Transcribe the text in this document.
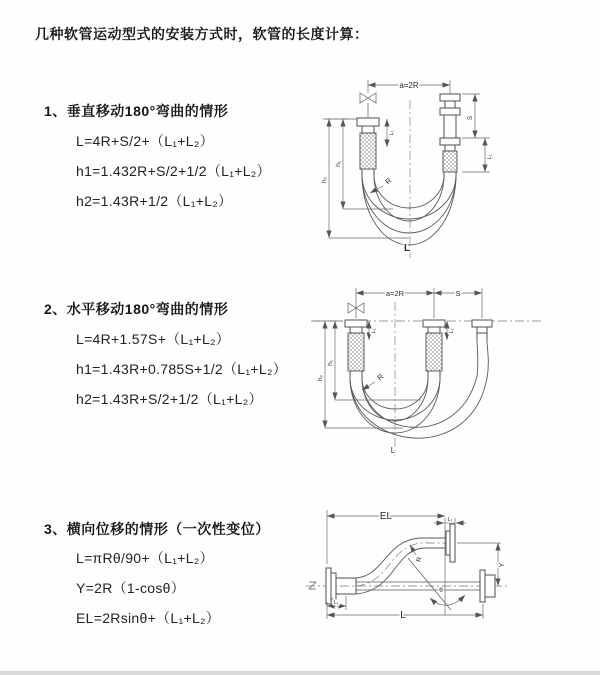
几种软管运动型式的安装方式时，软管的长度计算：
1、垂直移动180°弯曲的情形
L=4R+S/2+（L₁+L₂）
h1=1.432R+S/2+1/2（L₁+L₂）
h2=1.43R+1/2（L₁+L₂）
2、水平移动180°弯曲的情形
L=4R+1.57S+（L₁+L₂）
h1=1.43R+0.785S+1/2（L₁+L₂）
h2=1.43R+S/2+1/2（L₁+L₂）
3、横向位移的情形（一次性变位）
L=πRθ/90+（L₁+L₂）
Y=2R（1-cosθ）
EL=2Rsinθ+（L₁+L₂）
a=2R
h₁
h₂
L₁
S
L₁
R
L
a=2R	S
h₁
h₂
L₁	L₁
R
L
EL	L₁
Y
L
L₁
θ
R
